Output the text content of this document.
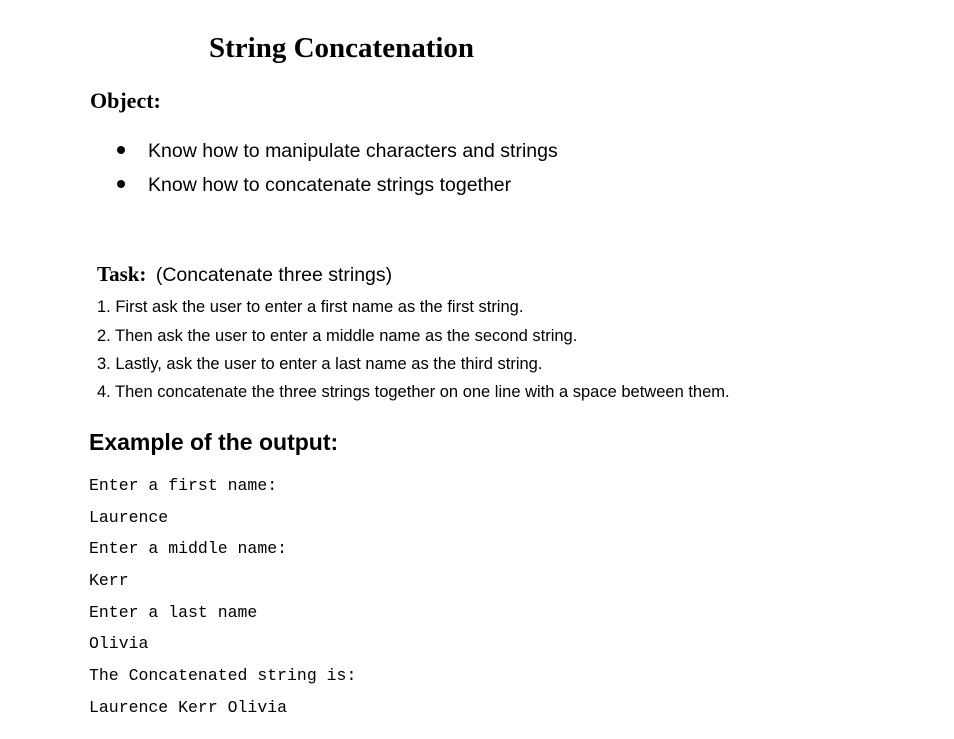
String Concatenation
Object:
Know how to manipulate characters and strings
Know how to concatenate strings together
Task: (Concatenate three strings)
1. First ask the user to enter a first name as the first string.
2. Then ask the user to enter a middle name as the second string.
3. Lastly, ask the user to enter a last name as the third string.
4. Then concatenate the three strings together on one line with a space between them.
Example of the output:
Enter a first name:
Laurence
Enter a middle name:
Kerr
Enter a last name
Olivia
The Concatenated string is:
Laurence Kerr Olivia
